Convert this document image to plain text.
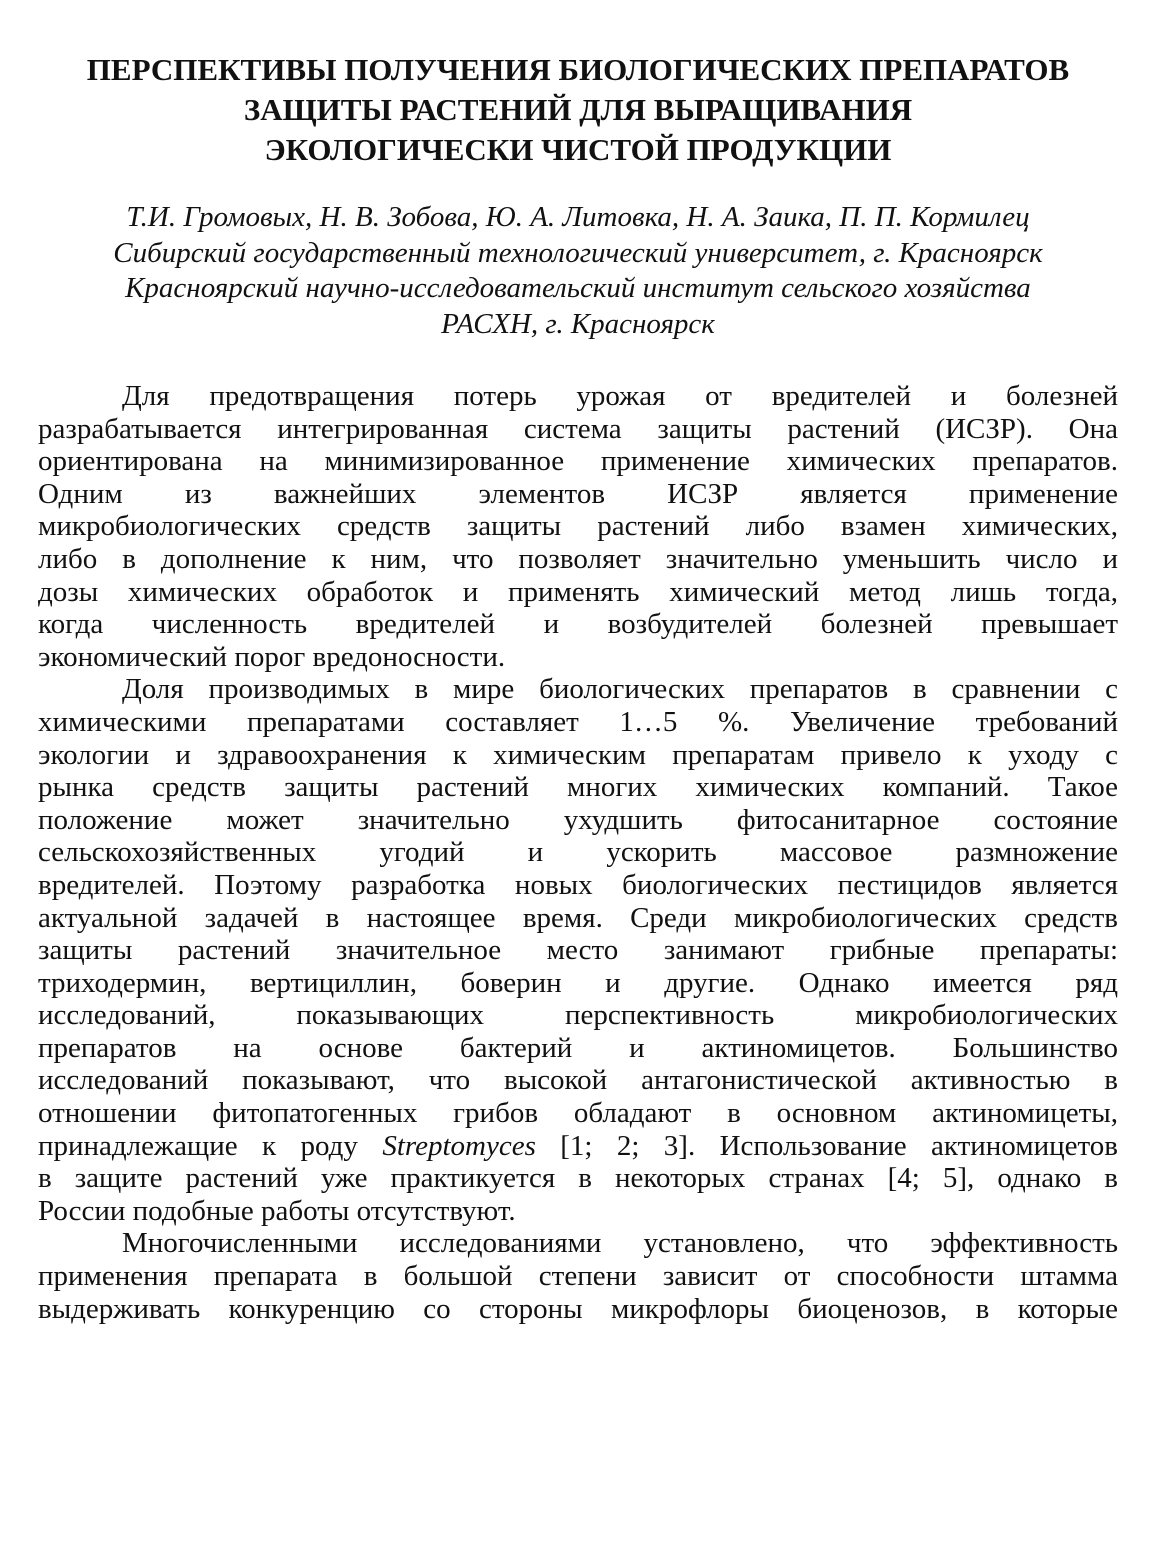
ПЕРСПЕКТИВЫ ПОЛУЧЕНИЯ БИОЛОГИЧЕСКИХ ПРЕПАРАТОВ
ЗАЩИТЫ РАСТЕНИЙ ДЛЯ ВЫРАЩИВАНИЯ
ЭКОЛОГИЧЕСКИ ЧИСТОЙ ПРОДУКЦИИ
Т.И. Громовых, Н. В. Зобова, Ю. А. Литовка, Н. А. Заика, П. П. Кормилец
Сибирский государственный технологический университет, г. Красноярск
Красноярский научно-исследовательский институт сельского хозяйства
РАСХН, г. Красноярск
Для предотвращения потерь урожая от вредителей и болезней
разрабатывается интегрированная система защиты растений (ИСЗР). Она
ориентирована на минимизированное применение химических препаратов.
Одним из важнейших элементов ИСЗР является применение
микробиологических средств защиты растений либо взамен химических,
либо в дополнение к ним, что позволяет значительно уменьшить число и
дозы химических обработок и применять химический метод лишь тогда,
когда численность вредителей и возбудителей болезней превышает
экономический порог вредоносности.
Доля производимых в мире биологических препаратов в сравнении с
химическими препаратами составляет 1…5 %. Увеличение требований
экологии и здравоохранения к химическим препаратам привело к уходу с
рынка средств защиты растений многих химических компаний. Такое
положение может значительно ухудшить фитосанитарное состояние
сельскохозяйственных угодий и ускорить массовое размножение
вредителей. Поэтому разработка новых биологических пестицидов является
актуальной задачей в настоящее время. Среди микробиологических средств
защиты растений значительное место занимают грибные препараты:
триходермин, вертициллин, боверин и другие. Однако имеется ряд
исследований, показывающих перспективность микробиологических
препаратов на основе бактерий и актиномицетов. Большинство
исследований показывают, что высокой антагонистической активностью в
отношении фитопатогенных грибов обладают в основном актиномицеты,
принадлежащие к роду Streptomyces [1; 2; 3]. Использование актиномицетов
в защите растений уже практикуется в некоторых странах [4; 5], однако в
России подобные работы отсутствуют.
Многочисленными исследованиями установлено, что эффективность
применения препарата в большой степени зависит от способности штамма
выдерживать конкуренцию со стороны микрофлоры биоценозов, в которые
